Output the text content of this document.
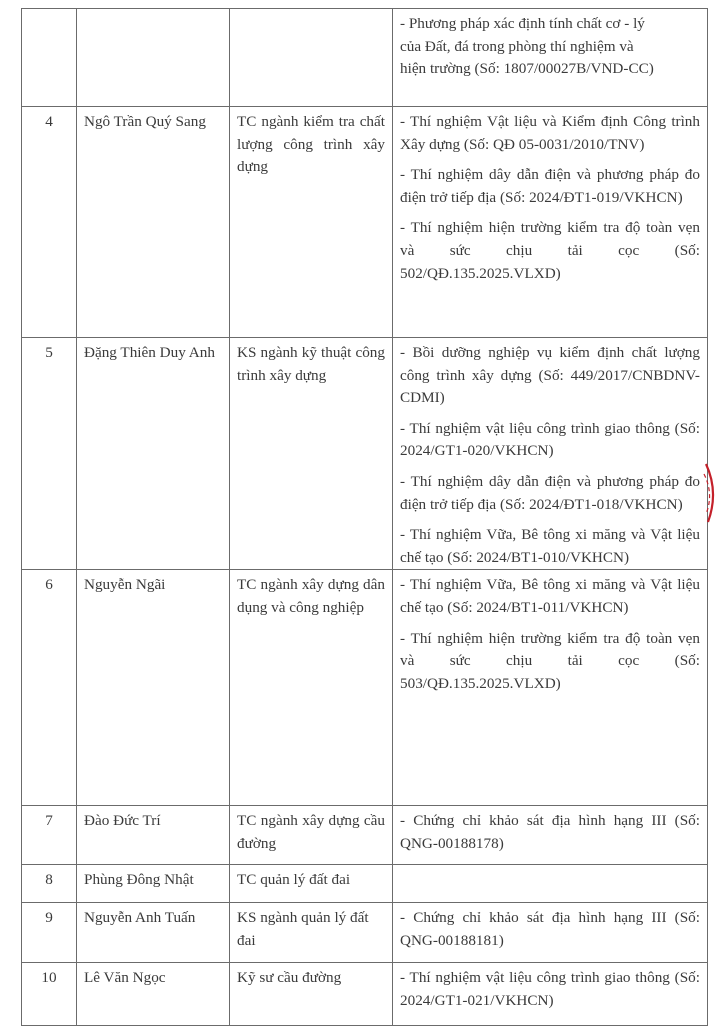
			- Phương pháp xác định tính chất cơ - lý của Đất, đá trong phòng thí nghiệm và hiện trường (Số: 1807/00027B/VND-CC)

4	Ngô Trần Quý Sang	TC ngành kiểm tra chất lượng công trình xây dựng	- Thí nghiệm Vật liệu và Kiểm định Công trình Xây dựng (Số: QĐ 05-0031/2010/TNV)
- Thí nghiệm dây dẫn điện và phương pháp đo điện trở tiếp địa (Số: 2024/ĐT1-019/VKHCN)
- Thí nghiệm hiện trường kiểm tra độ toàn vẹn và sức chịu tải cọc (Số: 502/QĐ.135.2025.VLXD)

5	Đặng Thiên Duy Anh	KS ngành kỹ thuật công trình xây dựng	- Bồi dưỡng nghiệp vụ kiểm định chất lượng công trình xây dựng (Số: 449/2017/CNBDNV-CDMI)
- Thí nghiệm vật liệu công trình giao thông (Số: 2024/GT1-020/VKHCN)
- Thí nghiệm dây dẫn điện và phương pháp đo điện trở tiếp địa (Số: 2024/ĐT1-018/VKHCN)
- Thí nghiệm Vữa, Bê tông xi măng và Vật liệu chế tạo (Số: 2024/BT1-010/VKHCN)

6	Nguyễn Ngãi	TC ngành xây dựng dân dụng và công nghiệp	- Thí nghiệm Vữa, Bê tông xi măng và Vật liệu chế tạo (Số: 2024/BT1-011/VKHCN)
- Thí nghiệm hiện trường kiểm tra độ toàn vẹn và sức chịu tải cọc (Số: 503/QĐ.135.2025.VLXD)

7	Đào Đức Trí	TC ngành xây dựng cầu đường	- Chứng chỉ khảo sát địa hình hạng III (Số: QNG-00188178)

8	Phùng Đông Nhật	TC quản lý đất đai	
9	Nguyễn Anh Tuấn	KS ngành quản lý đất đai	- Chứng chỉ khảo sát địa hình hạng III (Số: QNG-00188181)

10	Lê Văn Ngọc	Kỹ sư cầu đường	- Thí nghiệm vật liệu công trình giao thông (Số: 2024/GT1-021/VKHCN)
